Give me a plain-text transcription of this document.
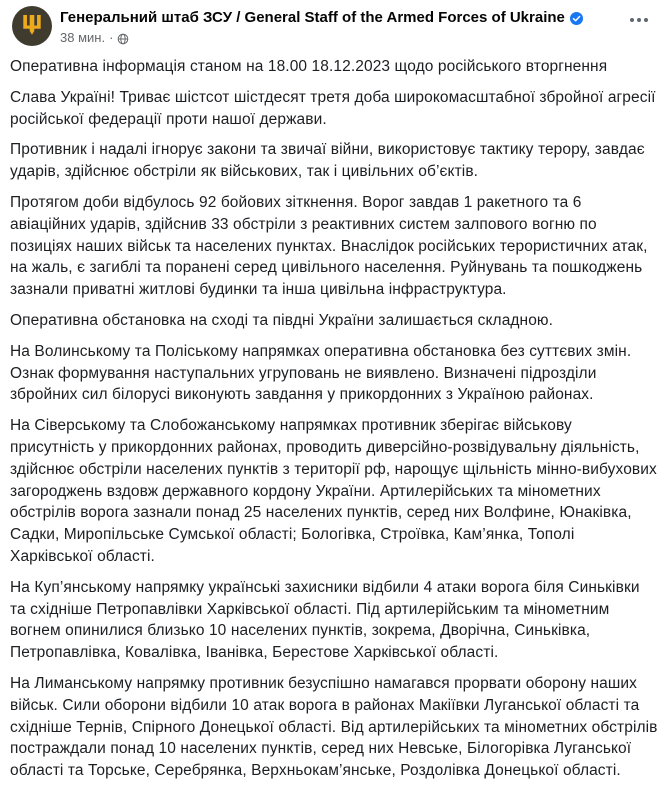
Генеральний штаб ЗСУ / General Staff of the Armed Forces of Ukraine
38 мин. ·

Оперативна інформація станом на 18.00 18.12.2023 щодо російського вторгнення

Слава Україні! Триває шістсот шістдесят третя доба широкомасштабної збройної агресії російської федерації проти нашої держави.

Противник і надалі ігнорує закони та звичаї війни, використовує тактику терору, завдає ударів, здійснює обстріли як військових, так і цивільних об’єктів.

Протягом доби відбулось 92 бойових зіткнення. Ворог завдав 1 ракетного та 6 авіаційних ударів, здійснив 33 обстріли з реактивних систем залпового вогню по позиціях наших військ та населених пунктах. Внаслідок російських терористичних атак, на жаль, є загиблі та поранені серед цивільного населення. Руйнувань та пошкоджень зазнали приватні житлові будинки та інша цивільна інфраструктура.

Оперативна обстановка на сході та півдні України залишається складною.

На Волинському та Поліському напрямках оперативна обстановка без суттєвих змін. Ознак формування наступальних угруповань не виявлено. Визначені підрозділи збройних сил білорусі виконують завдання у прикордонних з Україною районах.

На Сіверському та Слобожанському напрямках противник зберігає військову присутність у прикордонних районах, проводить диверсійно-розвідувальну діяльність, здійснює обстріли населених пунктів з території рф, нарощує щільність мінно-вибухових загороджень вздовж державного кордону України. Артилерійських та мінометних обстрілів ворога зазнали понад 25 населених пунктів, серед них Волфине, Юнаківка, Садки, Миропільське Сумської області; Бологівка, Строївка, Кам’янка, Тополі Харківської області.

На Куп’янському напрямку українські захисники відбили 4 атаки ворога біля Синьківки та східніше Петропавлівки Харківської області. Під артилерійським та мінометним вогнем опинилися близько 10 населених пунктів, зокрема, Дворічна, Синьківка, Петропавлівка, Ковалівка, Іванівка, Берестове Харківської області.

На Лиманському напрямку противник безуспішно намагався прорвати оборону наших військ. Сили оборони відбили 10 атак ворога в районах Макіївки Луганської області та східніше Тернів, Спірного Донецької області. Від артилерійських та мінометних обстрілів постраждали понад 10 населених пунктів, серед них Невське, Білогорівка Луганської області та Торське, Серебрянка, Верхньокам’янське, Роздолівка Донецької області.
